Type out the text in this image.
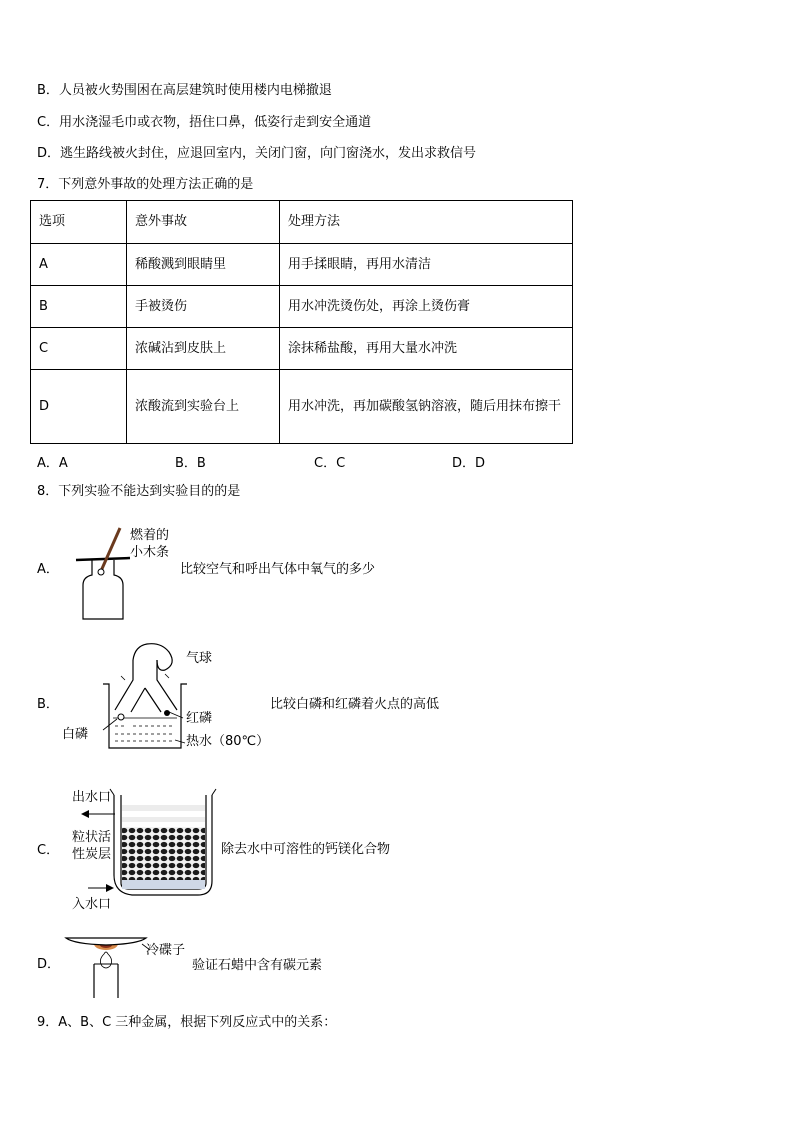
B．人员被火势围困在高层建筑时使用楼内电梯撤退
C．用水浇湿毛巾或衣物，捂住口鼻，低姿行走到安全通道
D．逃生路线被火封住，应退回室内，关闭门窗，向门窗浇水，发出求救信号
7．下列意外事故的处理方法正确的是
选项	意外事故	处理方法
A	稀酸溅到眼睛里	用手揉眼睛，再用水清洁
B	手被烫伤	用水冲洗烫伤处，再涂上烫伤膏
C	浓碱沾到皮肤上	涂抹稀盐酸，再用大量水冲洗
D	浓酸流到实验台上	用水冲洗，再加碳酸氢钠溶液，随后用抹布擦干
A．A	B．B	C．C	D．D
8．下列实验不能达到实验目的的是
A．
燃着的
小木条
比较空气和呼出气体中氧气的多少
B．
气球
红磷
白磷	热水（80℃）
比较白磷和红磷着火点的高低
C．
出水口
粒状活
性炭层
入水口
除去水中可溶性的钙镁化合物
D．
冷碟子
验证石蜡中含有碳元素
9．A、B、C 三种金属，根据下列反应式中的关系：
